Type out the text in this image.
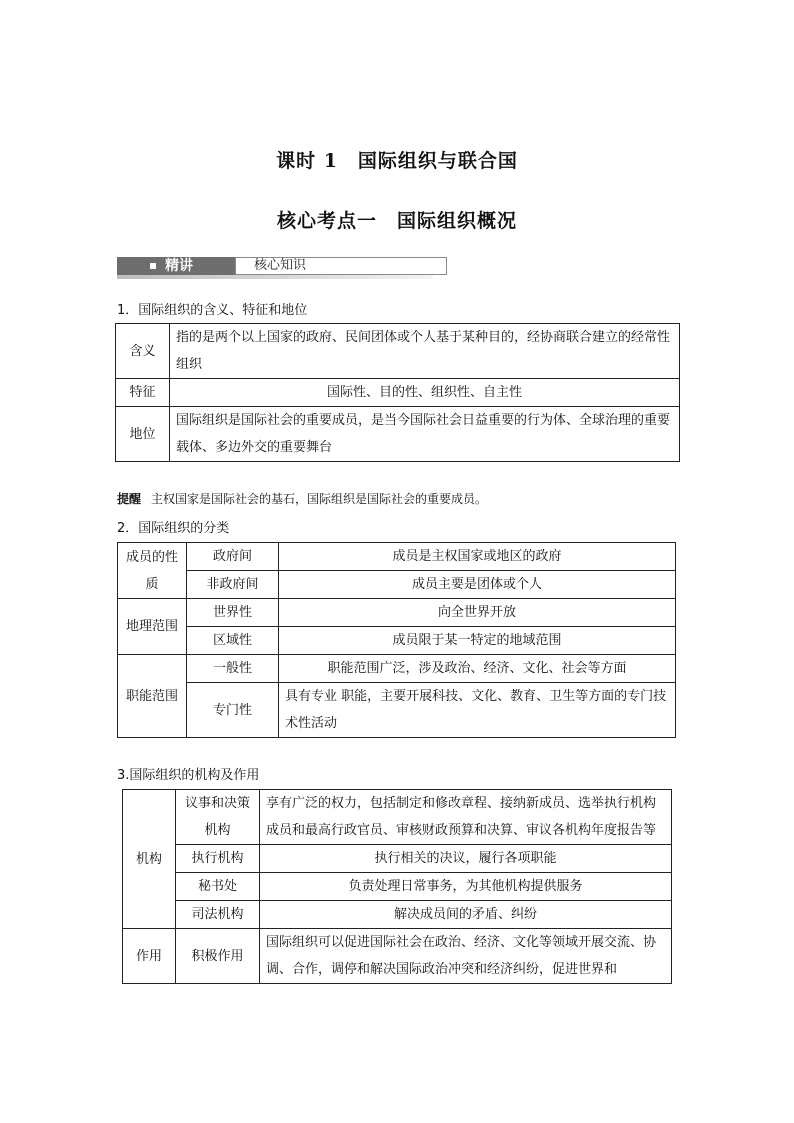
课时 1　国际组织与联合国
核心考点一　国际组织概况
精讲	核心知识
1．国际组织的含义、特征和地位
含义	指的是两个以上国家的政府、民间团体或个人基于某种目的，经协商联合建立的经常性组织
特征	国际性、目的性、组织性、自主性
地位	国际组织是国际社会的重要成员，是当今国际社会日益重要的行为体、全球治理的重要载体、多边外交的重要舞台
提醒 主权国家是国际社会的基石，国际组织是国际社会的重要成员。
2．国际组织的分类
成员的性质	政府间	成员是主权国家或地区的政府
	非政府间	成员主要是团体或个人
地理范围	世界性	向全世界开放
	区域性	成员限于某一特定的地域范围
职能范围	一般性	职能范围广泛，涉及政治、经济、文化、社会等方面
	专门性	具有专业 职能，主要开展科技、文化、教育、卫生等方面的专门技术性活动
3.国际组织的机构及作用
机构	议事和决策机构	享有广泛的权力，包括制定和修改章程、接纳新成员、选举执行机构成员和最高行政官员、审核财政预算和决算、审议各机构年度报告等
	执行机构	执行相关的决议，履行各项职能
	秘书处	负责处理日常事务，为其他机构提供服务
	司法机构	解决成员间的矛盾、纠纷
作用	积极作用	国际组织可以促进国际社会在政治、经济、文化等领域开展交流、协调、合作，调停和解决国际政治冲突和经济纠纷，促进世界和
